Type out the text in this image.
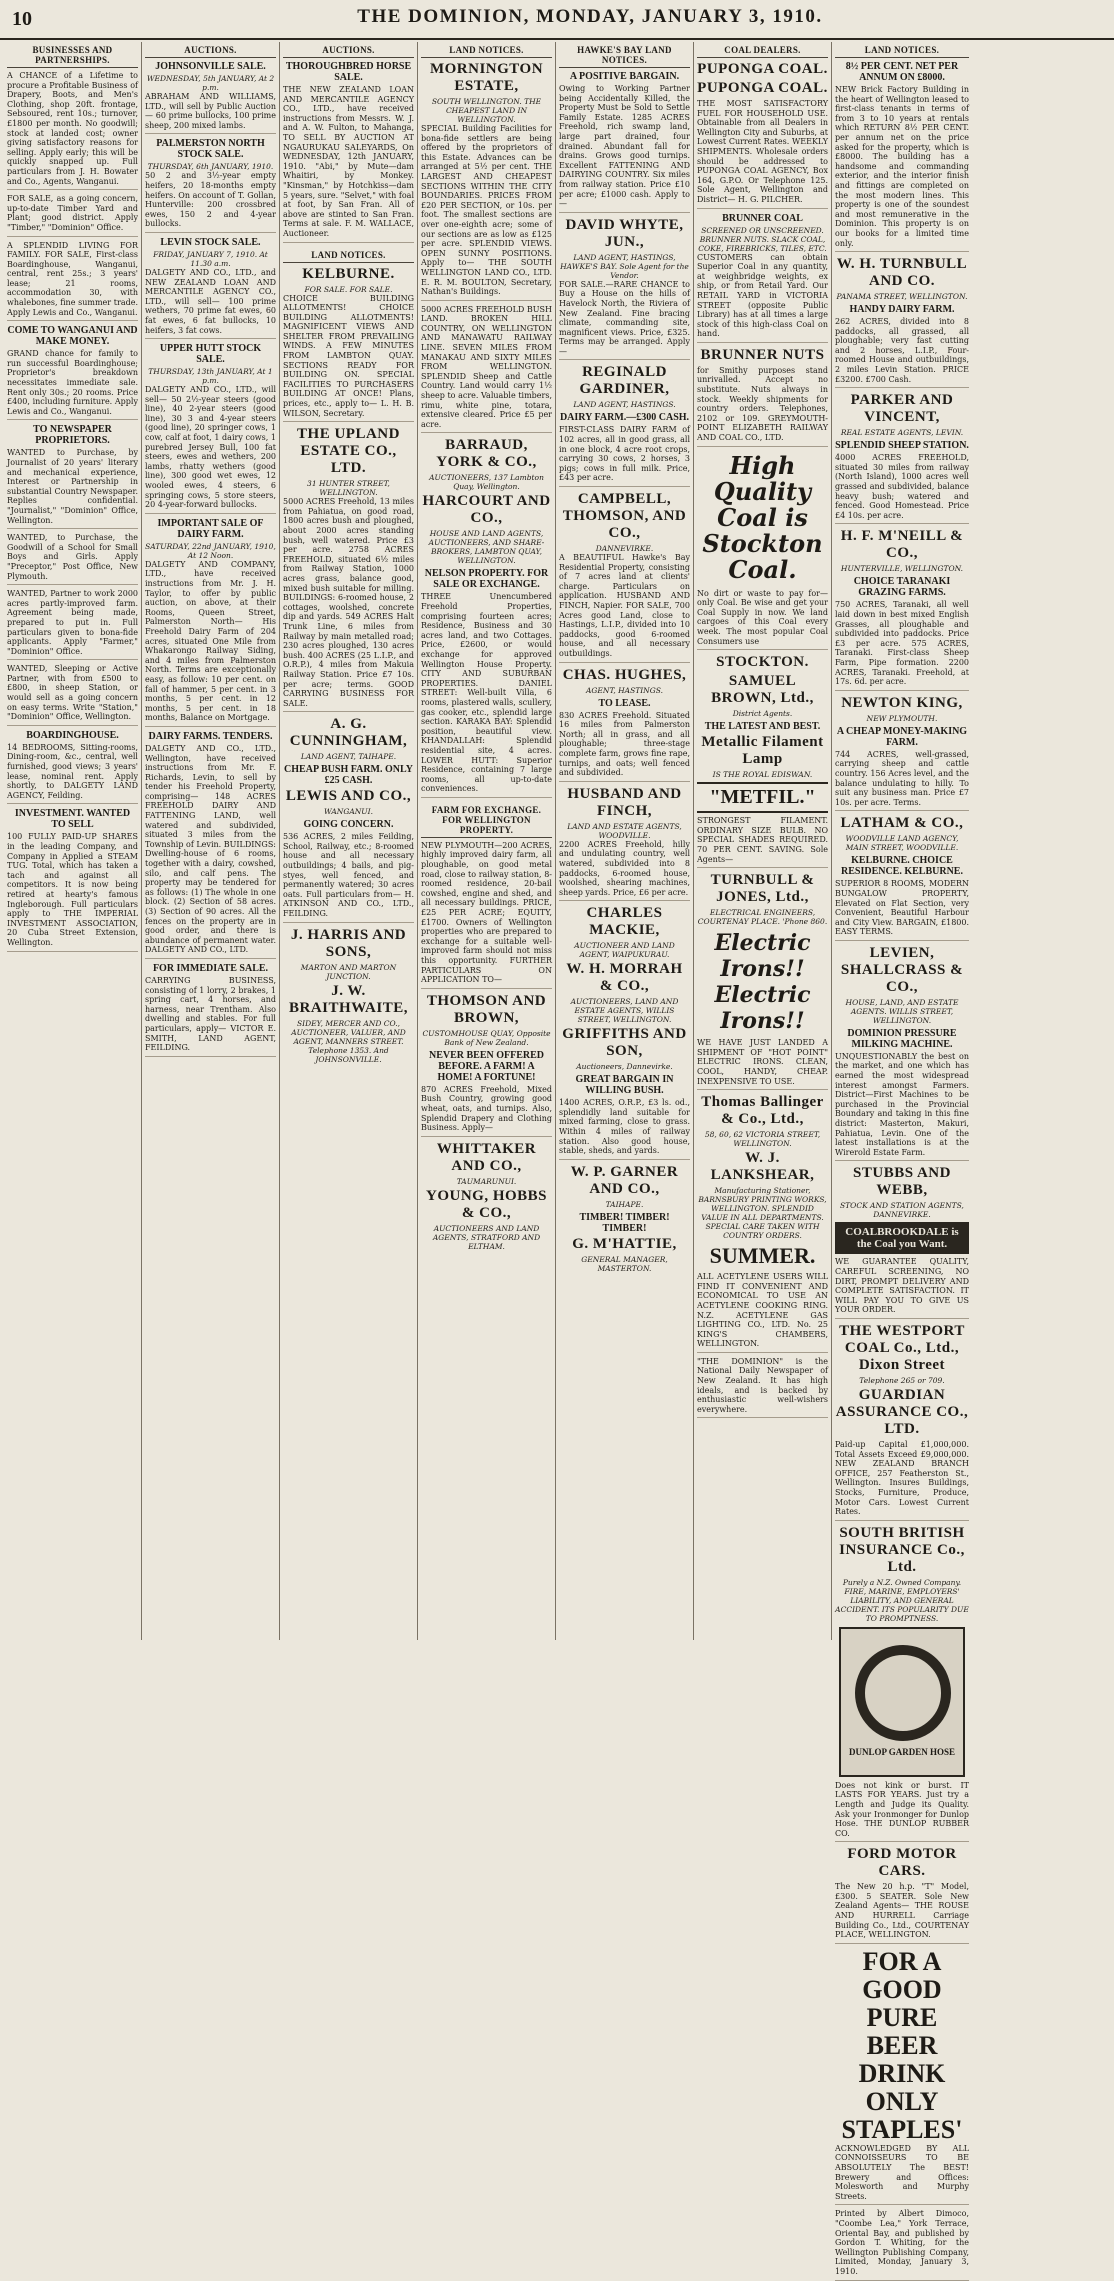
10	THE DOMINION, MONDAY, JANUARY 3, 1910.
BUSINESSES AND PARTNERSHIPS.
A CHANCE of a Lifetime to procure a Profitable Business of Drapery, Boots, and Men's Clothing, shop 20ft. frontage, Sebsoured, rent 10s.; turnover, £1800 per month. No goodwill; stock at landed cost; owner giving satisfactory reasons for selling. Apply early; this will be quickly snapped up. Full particulars from J. H. Bowater and Co., Agents, Wanganui.
FOR SALE, as a going concern, up-to-date Timber Yard and Plant; good district. Apply "Timber," "Dominion" Office.
A SPLENDID LIVING FOR FAMILY. FOR SALE, First-class Boardinghouse, Wanganui, central, rent 25s.; 3 years' lease; 21 rooms, accommodation 30, with whalebones, fine summer trade. Apply Lewis and Co., Wanganui.
COME TO WANGANUI AND MAKE MONEY.
GRAND chance for family to run successful Boardinghouse; Proprietor's breakdown necessitates immediate sale. Rent only 30s.; 20 rooms. Price £400, including furniture. Apply Lewis and Co., Wanganui.
TO NEWSPAPER PROPRIETORS.
WANTED to Purchase, by Journalist of 20 years' literary and mechanical experience, Interest or Partnership in substantial Country Newspaper. Replies confidential. "Journalist," "Dominion" Office, Wellington.
WANTED, to Purchase, the Goodwill of a School for Small Boys and Girls. Apply "Preceptor," Post Office, New Plymouth.
WANTED, Partner to work 2000 acres partly-improved farm. Agreement being made, prepared to put in. Full particulars given to bona-fide applicants. Apply "Farmer," "Dominion" Office.
WANTED, Sleeping or Active Partner, with from £500 to £800, in sheep Station, or would sell as a going concern on easy terms. Write "Station," "Dominion" Office, Wellington.
BOARDINGHOUSE.
14 BEDROOMS, Sitting-rooms, Dining-room, &c., central, well furnished, good views; 3 years' lease, nominal rent. Apply shortly, to DALGETY LAND AGENCY, Feilding.
INVESTMENT. WANTED TO SELL
100 FULLY PAID-UP SHARES in the leading Company, and Company in Applied a STEAM TUG. Total, which has taken a tach and against all competitors. It is now being retired at hearty's famous Ingleborough. Full particulars apply to THE IMPERIAL INVESTMENT ASSOCIATION, 20 Cuba Street Extension, Wellington.
AUCTIONS.
JOHNSONVILLE SALE.
WEDNESDAY, 5th JANUARY, At 2 p.m.
ABRAHAM AND WILLIAMS, LTD., will sell by Public Auction— 60 prime bullocks, 100 prime sheep, 200 mixed lambs.
PALMERSTON NORTH STOCK SALE.
THURSDAY, 6th JANUARY, 1910.
50 2 and 3½-year empty heifers, 20 18-months empty heifers. On account of T. Gollan, Hunterville: 200 crossbred ewes, 150 2 and 4-year bullocks.
LEVIN STOCK SALE.
FRIDAY, JANUARY 7, 1910. At 11.30 a.m.
DALGETY AND CO., LTD., and NEW ZEALAND LOAN AND MERCANTILE AGENCY CO., LTD., will sell— 100 prime wethers, 70 prime fat ewes, 60 fat ewes, 6 fat bullocks, 10 heifers, 3 fat cows.
UPPER HUTT STOCK SALE.
THURSDAY, 13th JANUARY, At 1 p.m.
DALGETY AND CO., LTD., will sell— 50 2½-year steers (good line), 40 2-year steers (good line), 30 3 and 4-year steers (good line), 20 springer cows, 1 cow, calf at foot, 1 dairy cows, 1 purebred Jersey Bull, 100 fat steers, ewes and wethers, 200 lambs, rhatty wethers (good line), 300 good wet ewes, 12 wooled ewes, 4 steers, 6 springing cows, 5 store steers, 20 4-year-forward bullocks.
IMPORTANT SALE OF DAIRY FARM.
SATURDAY, 22nd JANUARY, 1910, At 12 Noon.
DALGETY AND COMPANY, LTD., have received instructions from Mr. J. H. Taylor, to offer by public auction, on above, at their Rooms, Queen Street, Palmerston North— His Freehold Dairy Farm of 204 acres, situated One Mile from Whakarongo Railway Siding, and 4 miles from Palmerston North. Terms are exceptionally easy, as follow: 10 per cent. on fall of hammer, 5 per cent. in 3 months, 5 per cent. in 12 months, 5 per cent. in 18 months, Balance on Mortgage.
DAIRY FARMS. TENDERS.
DALGETY AND CO., LTD., Wellington, have received instructions from Mr. F. Richards, Levin, to sell by tender his Freehold Property, comprising— 148 ACRES FREEHOLD DAIRY AND FATTENING LAND, well watered and subdivided, situated 3 miles from the Township of Levin. BUILDINGS: Dwelling-house of 6 rooms, together with a dairy, cowshed, silo, and calf pens. The property may be tendered for as follows: (1) The whole in one block. (2) Section of 58 acres. (3) Section of 90 acres. All the fences on the property are in good order, and there is abundance of permanent water. DALGETY AND CO., LTD.
FOR IMMEDIATE SALE.
CARRYING BUSINESS, consisting of 1 lorry, 2 brakes, 1 spring cart, 4 horses, and harness, near Trentham. Also dwelling and stables. For full particulars, apply— VICTOR E. SMITH, LAND AGENT, FEILDING.
AUCTIONS.
THOROUGHBRED HORSE SALE.
THE NEW ZEALAND LOAN AND MERCANTILE AGENCY CO., LTD., have received instructions from Messrs. W. J. and A. W. Fulton, to Mahanga, TO SELL BY AUCTION AT NGAURUKAU SALEYARDS, On WEDNESDAY, 12th JANUARY, 1910. "Abi," by Mute—dam Whaitiri, by Monkey. "Kinsman," by Hotchkiss—dam 5 years, sure. "Selvet," with foal at foot, by San Fran. All of above are stinted to San Fran. Terms at sale. F. M. WALLACE, Auctioneer.
LAND NOTICES.
KELBURNE.
FOR SALE. FOR SALE.
CHOICE BUILDING ALLOTMENTS! CHOICE BUILDING ALLOTMENTS! MAGNIFICENT VIEWS AND SHELTER FROM PREVAILING WINDS. A FEW MINUTES FROM LAMBTON QUAY. SECTIONS READY FOR BUILDING ON. SPECIAL FACILITIES TO PURCHASERS BUILDING AT ONCE! Plans, prices, etc., apply to— L. H. B. WILSON, Secretary.
THE UPLAND ESTATE CO., LTD.
31 HUNTER STREET, WELLINGTON.
5000 ACRES Freehold, 13 miles from Pahiatua, on good road, 1800 acres bush and ploughed, about 2000 acres standing bush, well watered. Price £3 per acre. 2758 ACRES FREEHOLD, situated 6½ miles from Railway Station, 1000 acres grass, balance good, mixed bush suitable for milling. BUILDINGS: 6-roomed house, 2 cottages, woolshed, concrete dip and yards. 549 ACRES Halt Trunk Line, 6 miles from Railway by main metalled road; 230 acres ploughed, 130 acres bush. 400 ACRES (25 L.I.P., and O.R.P.), 4 miles from Makuia Railway Station. Price £7 10s. per acre; terms. GOOD CARRYING BUSINESS FOR SALE.
A. G. CUNNINGHAM,
LAND AGENT, TAIHAPE.
CHEAP BUSH FARM. ONLY £25 CASH.
LEWIS AND CO.,
WANGANUI.
GOING CONCERN.
536 ACRES, 2 miles Feilding, School, Railway, etc.; 8-roomed house and all necessary outbuildings; 4 bails, and pig-styes, well fenced, and permanently watered; 30 acres oats. Full particulars from— H. ATKINSON AND CO., LTD., FEILDING.
J. HARRIS AND SONS,
MARTON AND MARTON JUNCTION.
J. W. BRAITHWAITE,
SIDEY, MERCER AND CO., AUCTIONEER, VALUER, AND AGENT, MANNERS STREET. Telephone 1353. And JOHNSONVILLE.
LAND NOTICES.
MORNINGTON ESTATE,
SOUTH WELLINGTON. THE CHEAPEST LAND IN WELLINGTON.
SPECIAL Building Facilities for bona-fide settlers are being offered by the proprietors of this Estate. Advances can be arranged at 5½ per cent. THE LARGEST AND CHEAPEST SECTIONS WITHIN THE CITY BOUNDARIES. PRICES FROM £20 PER SECTION, or 10s. per foot. The smallest sections are over one-eighth acre; some of our sections are as low as £125 per acre. SPLENDID VIEWS. OPEN SUNNY POSITIONS. Apply to— THE SOUTH WELLINGTON LAND CO., LTD. E. R. M. BOULTON, Secretary, Nathan's Buildings.
5000 ACRES FREEHOLD BUSH LAND. BROKEN HILL COUNTRY, ON WELLINGTON AND MANAWATU RAILWAY LINE. SEVEN MILES FROM MANAKAU AND SIXTY MILES FROM WELLINGTON. SPLENDID Sheep and Cattle Country. Land would carry 1½ sheep to acre. Valuable timbers, rimu, white pine, totara, extensive cleared. Price £5 per acre.
BARRAUD, YORK & CO.,
AUCTIONEERS, 137 Lambton Quay, Wellington.
HARCOURT AND CO.,
HOUSE AND LAND AGENTS, AUCTIONEERS, AND SHARE-BROKERS, LAMBTON QUAY, WELLINGTON.
NELSON PROPERTY. FOR SALE OR EXCHANGE.
THREE Unencumbered Freehold Properties, comprising fourteen acres; Residence, Business and 30 acres land, and two Cottages. Price, £2600, or would exchange for approved Wellington House Property. CITY AND SUBURBAN PROPERTIES. DANIEL STREET: Well-built Villa, 6 rooms, plastered walls, scullery, gas cooker, etc., splendid large section. KARAKA BAY: Splendid position, beautiful view. KHANDALLAH: Splendid residential site, 4 acres. LOWER HUTT: Superior Residence, containing 7 large rooms, all up-to-date conveniences.
FARM FOR EXCHANGE. FOR WELLINGTON PROPERTY.
NEW PLYMOUTH—200 ACRES, highly improved dairy farm, all ploughable, on good metal road, close to railway station, 8-roomed residence, 20-bail cowshed, engine and shed, and all necessary buildings. PRICE, £25 PER ACRE; EQUITY, £1700. Owners of Wellington properties who are prepared to exchange for a suitable well-improved farm should not miss this opportunity. FURTHER PARTICULARS ON APPLICATION TO—
THOMSON AND BROWN,
CUSTOMHOUSE QUAY, Opposite Bank of New Zealand.
NEVER BEEN OFFERED BEFORE. A FARM! A HOME! A FORTUNE!
870 ACRES Freehold, Mixed Bush Country, growing good wheat, oats, and turnips. Also, Splendid Drapery and Clothing Business. Apply—
WHITTAKER AND CO.,
TAUMARUNUI.
YOUNG, HOBBS & CO.,
AUCTIONEERS AND LAND AGENTS, STRATFORD AND ELTHAM.
HAWKE'S BAY LAND NOTICES.
A POSITIVE BARGAIN.
Owing to Working Partner being Accidentally Killed, the Property Must be Sold to Settle Family Estate. 1285 ACRES Freehold, rich swamp land, large part drained, four drained. Abundant fall for drains. Grows good turnips. Excellent FATTENING AND DAIRYING COUNTRY. Six miles from railway station. Price £10 per acre; £1000 cash. Apply to—
DAVID WHYTE, JUN.,
LAND AGENT, HASTINGS, HAWKE'S BAY. Sole Agent for the Vendor.
FOR SALE.—RARE CHANCE to Buy a House on the hills of Havelock North, the Riviera of New Zealand. Fine bracing climate, commanding site, magnificent views. Price, £325. Terms may be arranged. Apply—
REGINALD GARDINER,
LAND AGENT, HASTINGS.
DAIRY FARM.—£300 CASH.
FIRST-CLASS DAIRY FARM of 102 acres, all in good grass, all in one block, 4 acre root crops, carrying 30 cows, 2 horses, 3 pigs; cows in full milk. Price, £43 per acre.
CAMPBELL, THOMSON, AND CO.,
DANNEVIRKE.
A BEAUTIFUL Hawke's Bay Residential Property, consisting of 7 acres land at clients' charge. Particulars on application. HUSBAND AND FINCH, Napier. FOR SALE, 700 Acres good Land, close to Hastings, L.I.P., divided into 10 paddocks, good 6-roomed house, and all necessary outbuildings.
CHAS. HUGHES,
AGENT, HASTINGS.
TO LEASE.
830 ACRES Freehold. Situated 16 miles from Palmerston North; all in grass, and all ploughable; three-stage complete farm, grows fine rape, turnips, and oats; well fenced and subdivided.
HUSBAND AND FINCH,
LAND AND ESTATE AGENTS, WOODVILLE.
2200 ACRES Freehold, hilly and undulating country, well watered, subdivided into 8 paddocks, 6-roomed house, woolshed, shearing machines, sheep yards. Price, £6 per acre.
CHARLES MACKIE,
AUCTIONEER AND LAND AGENT, WAIPUKURAU.
W. H. MORRAH & CO.,
AUCTIONEERS, LAND AND ESTATE AGENTS, WILLIS STREET, WELLINGTON.
GRIFFITHS AND SON,
Auctioneers, Dannevirke.
GREAT BARGAIN IN WILLING BUSH.
1400 ACRES, O.R.P., £3 ls. od., splendidly land suitable for mixed farming, close to grass. Within 4 miles of railway station. Also good house, stable, sheds, and yards.
W. P. GARNER AND CO.,
TAIHAPE.
TIMBER! TIMBER! TIMBER!
G. M'HATTIE,
GENERAL MANAGER, MASTERTON.
COAL DEALERS.
PUPONGA COAL.
PUPONGA COAL.
THE MOST SATISFACTORY FUEL FOR HOUSEHOLD USE. Obtainable from all Dealers in Wellington City and Suburbs, at Lowest Current Rates. WEEKLY SHIPMENTS. Wholesale orders should be addressed to PUPONGA COAL AGENCY, Box 164, G.P.O. Or Telephone 125. Sole Agent, Wellington and District— H. G. PILCHER.
BRUNNER COAL
SCREENED OR UNSCREENED. BRUNNER NUTS. SLACK COAL, COKE, FIREBRICKS, TILES, ETC.
CUSTOMERS can obtain Superior Coal in any quantity, at weighbridge weights, ex ship, or from Retail Yard. Our RETAIL YARD in VICTORIA STREET (opposite Public Library) has at all times a large stock of this high-class Coal on hand.
BRUNNER NUTS
for Smithy purposes stand unrivalled. Accept no substitute. Nuts always in stock. Weekly shipments for country orders. Telephones, 2102 or 109. GREYMOUTH-POINT ELIZABETH RAILWAY AND COAL CO., LTD.
High Quality Coal is Stockton Coal.
No dirt or waste to pay for—only Coal. Be wise and get your Coal Supply in now. We land cargoes of this Coal every week. The most popular Coal Consumers use
STOCKTON.
SAMUEL BROWN, Ltd.,
District Agents.
THE LATEST AND BEST.
Metallic Filament Lamp
IS THE ROYAL EDISWAN.
"METFIL."
STRONGEST FILAMENT. ORDINARY SIZE BULB. NO SPECIAL SHADES REQUIRED. 70 PER CENT. SAVING. Sole Agents—
TURNBULL & JONES, Ltd.,
ELECTRICAL ENGINEERS, COURTENAY PLACE. 'Phone 860.
Electric Irons!! Electric Irons!!
WE HAVE JUST LANDED A SHIPMENT OF "HOT POINT" ELECTRIC IRONS. CLEAN, COOL, HANDY, CHEAP. INEXPENSIVE TO USE.
Thomas Ballinger & Co., Ltd.,
58, 60, 62 VICTORIA STREET, WELLINGTON.
W. J. LANKSHEAR,
Manufacturing Stationer, BARNSBURY PRINTING WORKS, WELLINGTON. SPLENDID VALUE IN ALL DEPARTMENTS. SPECIAL CARE TAKEN WITH COUNTRY ORDERS.
SUMMER.
ALL ACETYLENE USERS WILL FIND IT CONVENIENT AND ECONOMICAL TO USE AN ACETYLENE COOKING RING. N.Z. ACETYLENE GAS LIGHTING CO., LTD. No. 25 KING'S CHAMBERS, WELLINGTON.
"THE DOMINION" is the National Daily Newspaper of New Zealand. It has high ideals, and is backed by enthusiastic well-wishers everywhere.
LAND NOTICES.
8½ PER CENT. NET PER ANNUM ON £8000.
NEW Brick Factory Building in the heart of Wellington leased to first-class tenants in terms of from 3 to 10 years at rentals which RETURN 8½ PER CENT. per annum net on the price asked for the property, which is £8000. The building has a handsome and commanding exterior, and the interior finish and fittings are completed on the most modern lines. This property is one of the soundest and most remunerative in the Dominion. This property is on our books for a limited time only.
W. H. TURNBULL AND CO.
PANAMA STREET, WELLINGTON.
HANDY DAIRY FARM.
262 ACRES, divided into 8 paddocks, all grassed, all ploughable; very fast cutting and 2 horses, L.I.P., Four-roomed House and outbuildings, 2 miles Levin Station. PRICE £3200. £700 Cash.
PARKER AND VINCENT,
REAL ESTATE AGENTS, LEVIN.
SPLENDID SHEEP STATION.
4000 ACRES FREEHOLD, situated 30 miles from railway (North Island), 1000 acres well grassed and subdivided, balance heavy bush; watered and fenced. Good Homestead. Price £4 10s. per acre.
H. F. M'NEILL & CO.,
HUNTERVILLE, WELLINGTON.
CHOICE TARANAKI GRAZING FARMS.
750 ACRES, Taranaki, all well laid down in best mixed English Grasses, all ploughable and subdivided into paddocks. Price £3 per acre. 575 ACRES, Taranaki. First-class Sheep Farm, Pipe formation. 2200 ACRES, Taranaki. Freehold, at 17s. 6d. per acre.
NEWTON KING,
NEW PLYMOUTH.
A CHEAP MONEY-MAKING FARM.
744 ACRES, well-grassed, carrying sheep and cattle country. 156 Acres level, and the balance undulating to hilly. To suit any business man. Price £7 10s. per acre. Terms.
LATHAM & CO.,
WOODVILLE LAND AGENCY, MAIN STREET, WOODVILLE.
KELBURNE. CHOICE RESIDENCE. KELBURNE.
SUPERIOR 8 ROOMS, MODERN BUNGALOW PROPERTY, Elevated on Flat Section, very Convenient, Beautiful Harbour and City View. BARGAIN, £1800. EASY TERMS.
LEVIEN, SHALLCRASS & CO.,
HOUSE, LAND, AND ESTATE AGENTS. WILLIS STREET, WELLINGTON.
DOMINION PRESSURE MILKING MACHINE.
UNQUESTIONABLY the best on the market, and one which has earned the most widespread interest amongst Farmers. District—First Machines to be purchased in the Provincial Boundary and taking in this fine district: Masterton, Makuri, Pahiatua, Levin. One of the latest installations is at the Wirerold Estate Farm.
STUBBS AND WEBB,
STOCK AND STATION AGENTS, DANNEVIRKE.
COALBROOKDALE is the Coal you Want.
WE GUARANTEE QUALITY, CAREFUL SCREENING, NO DIRT, PROMPT DELIVERY AND COMPLETE SATISFACTION. IT WILL PAY YOU TO GIVE US YOUR ORDER.
THE WESTPORT COAL Co., Ltd., Dixon Street
Telephone 265 or 709.
GUARDIAN ASSURANCE CO., LTD.
Paid-up Capital £1,000,000. Total Assets Exceed £9,000,000. NEW ZEALAND BRANCH OFFICE, 257 Featherston St., Wellington. Insures Buildings, Stocks, Furniture, Produce, Motor Cars. Lowest Current Rates.
SOUTH BRITISH INSURANCE Co., Ltd.
Purely a N.Z. Owned Company. FIRE, MARINE, EMPLOYERS' LIABILITY, AND GENERAL ACCIDENT. ITS POPULARITY DUE TO PROMPTNESS.
DUNLOP GARDEN HOSE
Does not kink or burst. IT LASTS FOR YEARS. Just try a Length and Judge its Quality. Ask your Ironmonger for Dunlop Hose. THE DUNLOP RUBBER CO.
FORD MOTOR CARS.
The New 20 h.p. "T" Model, £300. 5 SEATER. Sole New Zealand Agents— THE ROUSE AND HURRELL Carriage Building Co., Ltd., COURTENAY PLACE, WELLINGTON.
FOR A GOOD PURE BEER DRINK ONLY STAPLES'
ACKNOWLEDGED BY ALL CONNOISSEURS TO BE ABSOLUTELY The BEST! Brewery and Offices: Molesworth and Murphy Streets.
Printed by Albert Dimoco, "Coombe Lea," York Terrace, Oriental Bay, and published by Gordon T. Whiting, for the Wellington Publishing Company, Limited, Monday, January 3, 1910.
